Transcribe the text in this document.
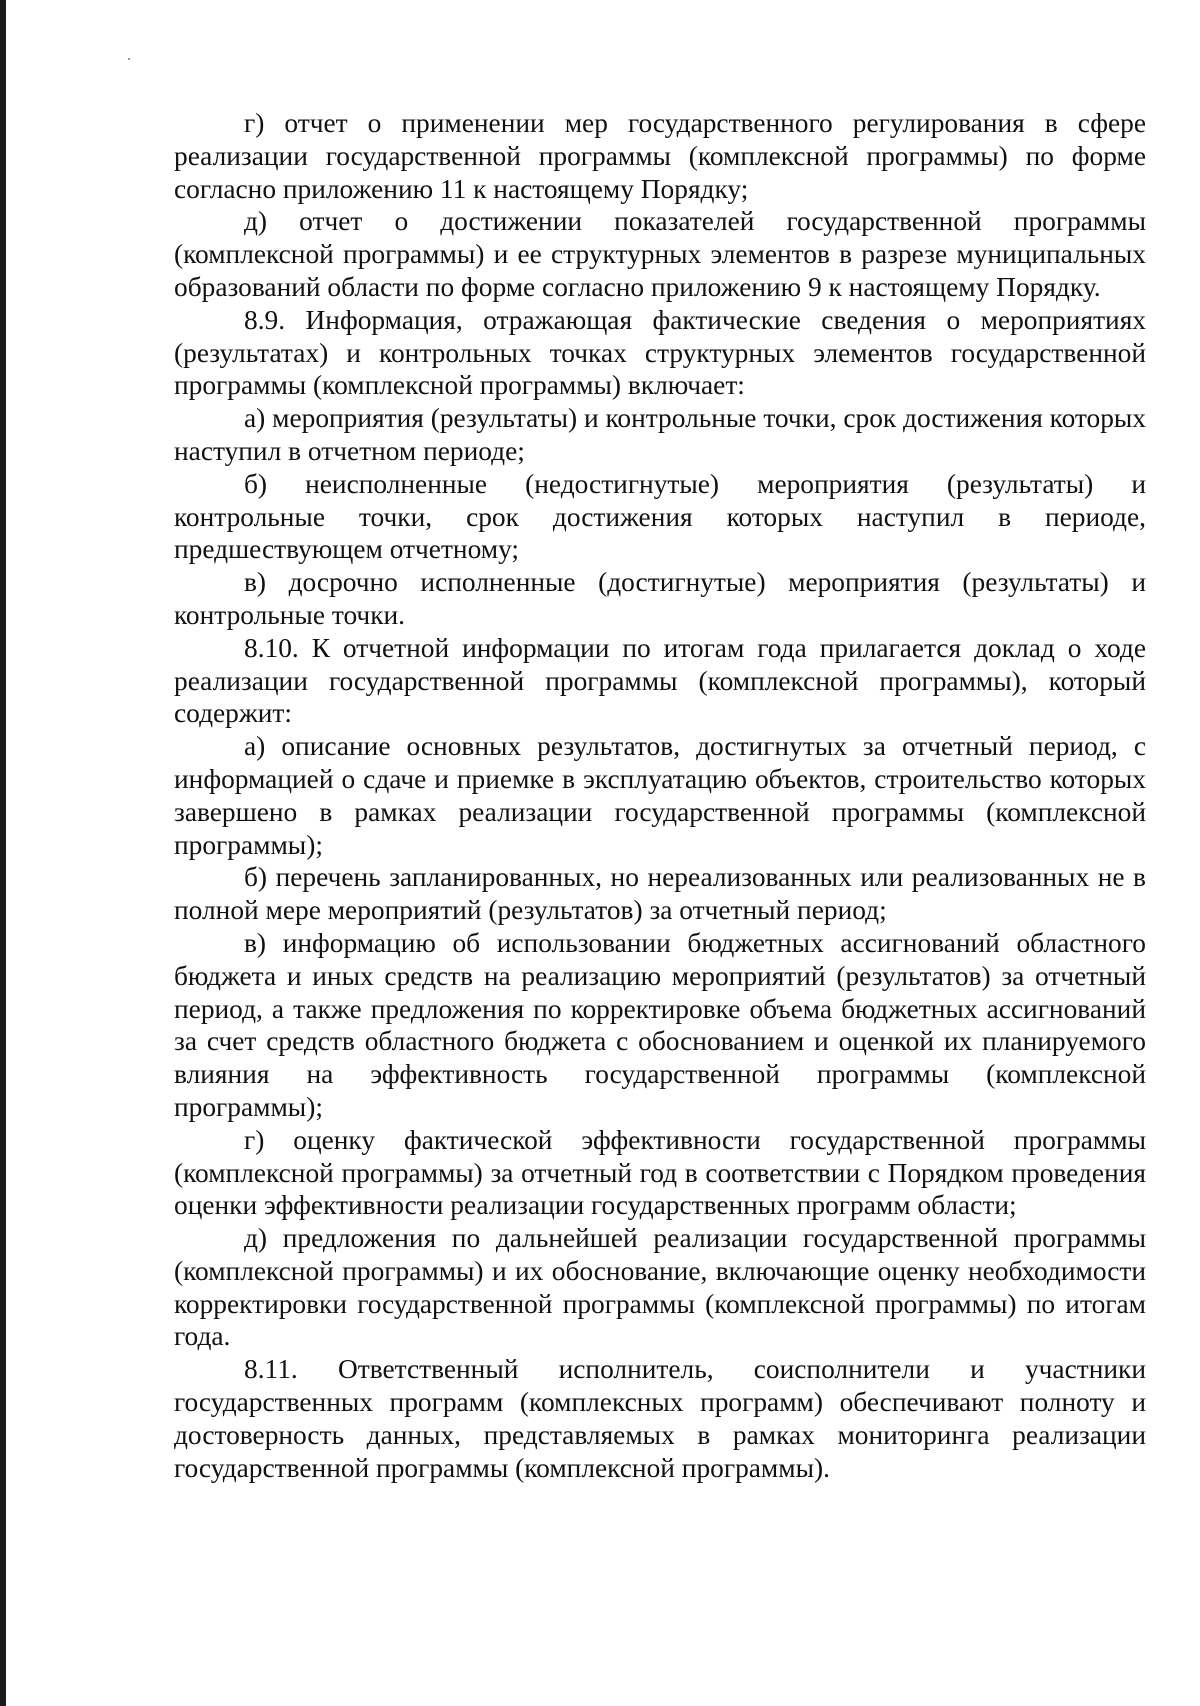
г) отчет о применении мер государственного регулирования в сфере реализации государственной программы (комплексной программы) по форме согласно приложению 11 к настоящему Порядку;

д) отчет о достижении показателей государственной программы (комплексной программы) и ее структурных элементов в разрезе муниципальных образований области по форме согласно приложению 9 к настоящему Порядку.

8.9. Информация, отражающая фактические сведения о мероприятиях (результатах) и контрольных точках структурных элементов государственной программы (комплексной программы) включает:

а) мероприятия (результаты) и контрольные точки, срок достижения которых наступил в отчетном периоде;

б) неисполненные (недостигнутые) мероприятия (результаты) и контрольные точки, срок достижения которых наступил в периоде, предшествующем отчетному;

в) досрочно исполненные (достигнутые) мероприятия (результаты) и контрольные точки.

8.10. К отчетной информации по итогам года прилагается доклад о ходе реализации государственной программы (комплексной программы), который содержит:

а) описание основных результатов, достигнутых за отчетный период, с информацией о сдаче и приемке в эксплуатацию объектов, строительство которых завершено в рамках реализации государственной программы (комплексной программы);

б) перечень запланированных, но нереализованных или реализованных не в полной мере мероприятий (результатов) за отчетный период;

в) информацию об использовании бюджетных ассигнований областного бюджета и иных средств на реализацию мероприятий (результатов) за отчетный период, а также предложения по корректировке объема бюджетных ассигнований за счет средств областного бюджета с обоснованием и оценкой их планируемого влияния на эффективность государственной программы (комплексной программы);

г) оценку фактической эффективности государственной программы (комплексной программы) за отчетный год в соответствии с Порядком проведения оценки эффективности реализации государственных программ области;

д) предложения по дальнейшей реализации государственной программы (комплексной программы) и их обоснование, включающие оценку необходимости корректировки государственной программы (комплексной программы) по итогам года.

8.11. Ответственный исполнитель, соисполнители и участники государственных программ (комплексных программ) обеспечивают полноту и достоверность данных, представляемых в рамках мониторинга реализации государственной программы (комплексной программы).
